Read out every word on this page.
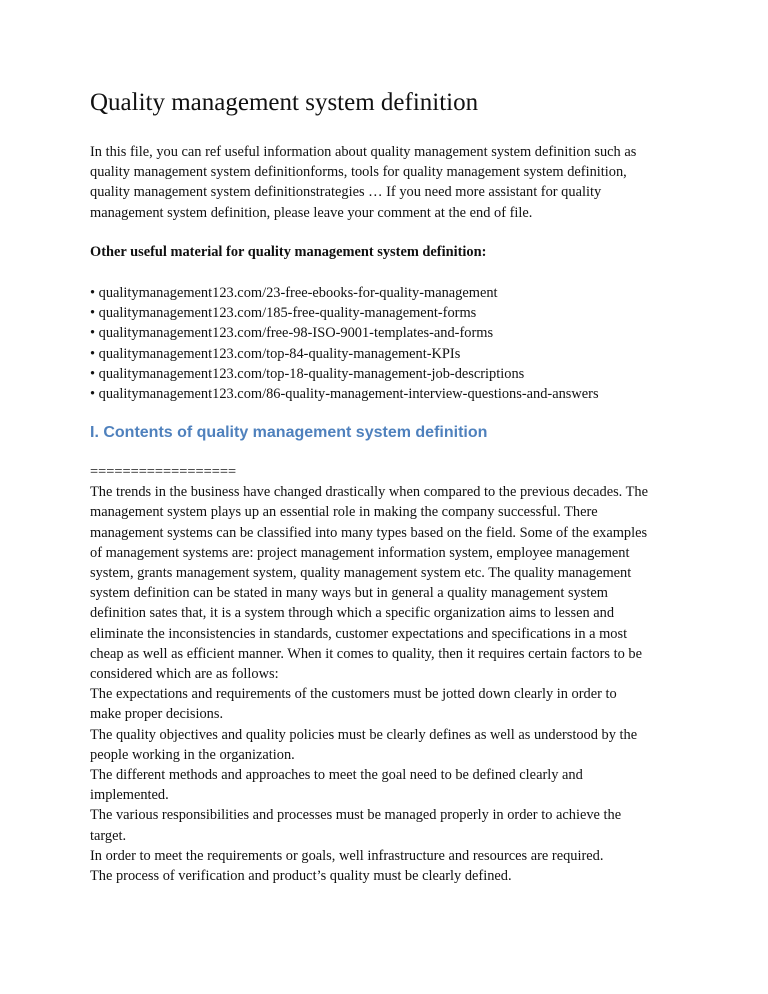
Quality management system definition
In this file, you can ref useful information about quality management system definition such as
quality management system definitionforms, tools for quality management system definition,
quality management system definitionstrategies … If you need more assistant for quality
management system definition, please leave your comment at the end of file.
Other useful material for quality management system definition:
• qualitymanagement123.com/23-free-ebooks-for-quality-management
• qualitymanagement123.com/185-free-quality-management-forms
• qualitymanagement123.com/free-98-ISO-9001-templates-and-forms
• qualitymanagement123.com/top-84-quality-management-KPIs
• qualitymanagement123.com/top-18-quality-management-job-descriptions
• qualitymanagement123.com/86-quality-management-interview-questions-and-answers
I. Contents of quality management system definition
==================
The trends in the business have changed drastically when compared to the previous decades. The
management system plays up an essential role in making the company successful. There
management systems can be classified into many types based on the field. Some of the examples
of management systems are: project management information system, employee management
system, grants management system, quality management system etc. The quality management
system definition can be stated in many ways but in general a quality management system
definition sates that, it is a system through which a specific organization aims to lessen and
eliminate the inconsistencies in standards, customer expectations and specifications in a most
cheap as well as efficient manner. When it comes to quality, then it requires certain factors to be
considered which are as follows:
The expectations and requirements of the customers must be jotted down clearly in order to
make proper decisions.
The quality objectives and quality policies must be clearly defines as well as understood by the
people working in the organization.
The different methods and approaches to meet the goal need to be defined clearly and
implemented.
The various responsibilities and processes must be managed properly in order to achieve the
target.
In order to meet the requirements or goals, well infrastructure and resources are required.
The process of verification and product’s quality must be clearly defined.
